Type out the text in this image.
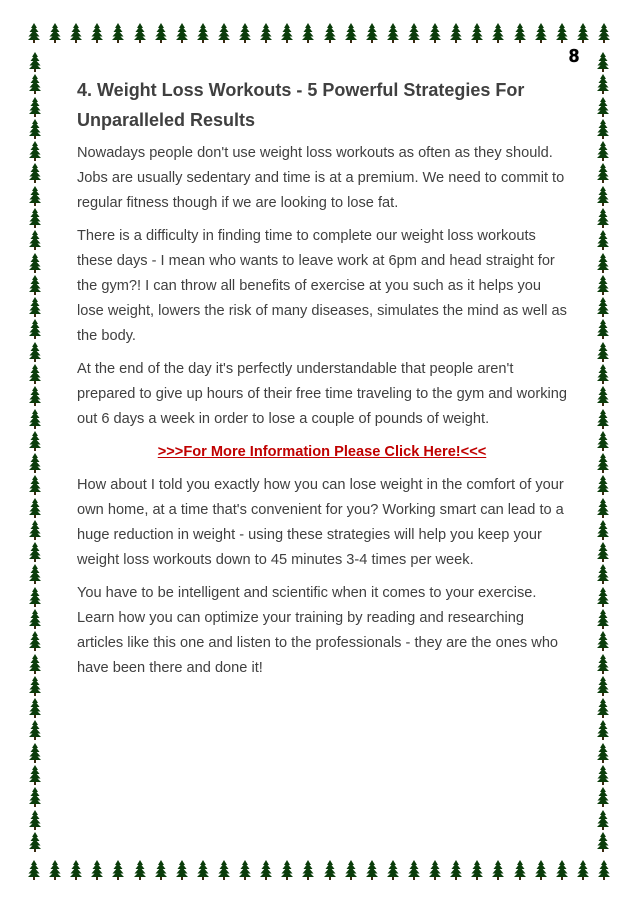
8
4. Weight Loss Workouts - 5 Powerful Strategies For Unparalleled Results

Nowadays people don't use weight loss workouts as often as they should. Jobs are usually sedentary and time is at a premium. We need to commit to regular fitness though if we are looking to lose fat.

There is a difficulty in finding time to complete our weight loss workouts these days - I mean who wants to leave work at 6pm and head straight for the gym?! I can throw all benefits of exercise at you such as it helps you lose weight, lowers the risk of many diseases, simulates the mind as well as the body.

At the end of the day it's perfectly understandable that people aren't prepared to give up hours of their free time traveling to the gym and working out 6 days a week in order to lose a couple of pounds of weight.

>>>For More Information Please Click Here!<<<

How about I told you exactly how you can lose weight in the comfort of your own home, at a time that's convenient for you? Working smart can lead to a huge reduction in weight - using these strategies will help you keep your weight loss workouts down to 45 minutes 3-4 times per week.

You have to be intelligent and scientific when it comes to your exercise. Learn how you can optimize your training by reading and researching articles like this one and listen to the professionals - they are the ones who have been there and done it!
